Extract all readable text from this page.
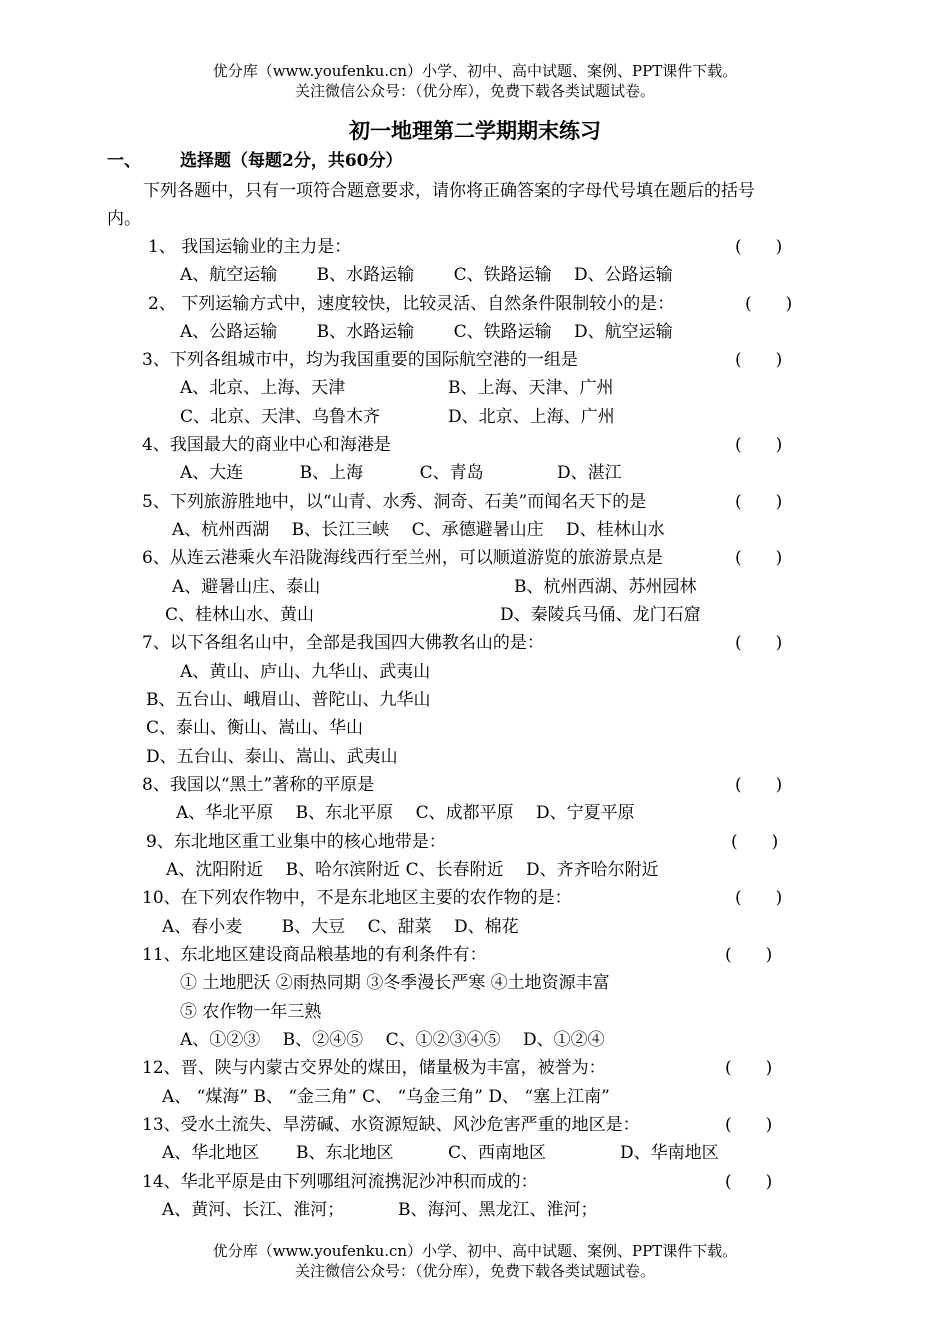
优分库（www.youfenku.cn）小学、初中、高中试题、案例、PPT课件下载。
关注微信公众号：（优分库），免费下载各类试题试卷。
初一地理第二学期期末练习
一、 选择题（每题2分，共60分）
下列各题中，只有一项符合题意要求，请你将正确答案的字母代号填在题后的括号
内。
1、 我国运输业的主力是：	(　　)
A、航空运输　　 B、水路运输　　 C、铁路运输　 D、公路运输
2、 下列运输方式中，速度较快，比较灵活、自然条件限制较小的是：	(　　)
A、公路运输　　 B、水路运输　　 C、铁路运输　 D、航空运输
3、下列各组城市中，均为我国重要的国际航空港的一组是	(　　)
A、北京、上海、天津	B、上海、天津、广州
C、北京、天津、乌鲁木齐	D、北京、上海、广州
4、我国最大的商业中心和海港是	(　　)
A、大连　　　 B、上海　　　 C、青岛　　　　 D、湛江
5、下列旅游胜地中，以“山青、水秀、洞奇、石美”而闻名天下的是	(　　)
A、杭州西湖　 B、长江三峡　 C、承德避暑山庄　 D、桂林山水
6、从连云港乘火车沿陇海线西行至兰州，可以顺道游览的旅游景点是	(　　)
A、避暑山庄、泰山	B、杭州西湖、苏州园林
C、桂林山水、黄山	D、秦陵兵马俑、龙门石窟
7、以下各组名山中，全部是我国四大佛教名山的是：	(　　)
A、黄山、庐山、九华山、武夷山
B、五台山、峨眉山、普陀山、九华山
C、泰山、衡山、嵩山、华山
D、五台山、泰山、嵩山、武夷山
8、我国以“黑土”著称的平原是	(　　)
A、华北平原　 B、东北平原　 C、成都平原　 D、宁夏平原
9、东北地区重工业集中的核心地带是：	(　　)
A、沈阳附近　 B、哈尔滨附近 C、长春附近　 D、齐齐哈尔附近
10、在下列农作物中，不是东北地区主要的农作物的是：	(　　)
A、春小麦　　 B、大豆　 C、甜菜　 D、棉花
11、东北地区建设商品粮基地的有利条件有：	(　　)
① 土地肥沃 ②雨热同期 ③冬季漫长严寒 ④土地资源丰富
⑤ 农作物一年三熟
A、①②③　 B、②④⑤　 C、①②③④⑤　 D、①②④
12、晋、陕与内蒙古交界处的煤田，储量极为丰富，被誉为：	(　　)
A、 “煤海” B、 “金三角” C、 “乌金三角” D、 “塞上江南”
13、受水土流失、旱涝碱、水资源短缺、风沙危害严重的地区是：	(　　)
A、华北地区 B、东北地区	C、西南地区	D、华南地区
14、华北平原是由下列哪组河流携泥沙冲积而成的：	(　　)
A、黄河、长江、淮河；	B、海河、黑龙江、淮河；
优分库（www.youfenku.cn）小学、初中、高中试题、案例、PPT课件下载。
关注微信公众号：（优分库），免费下载各类试题试卷。
